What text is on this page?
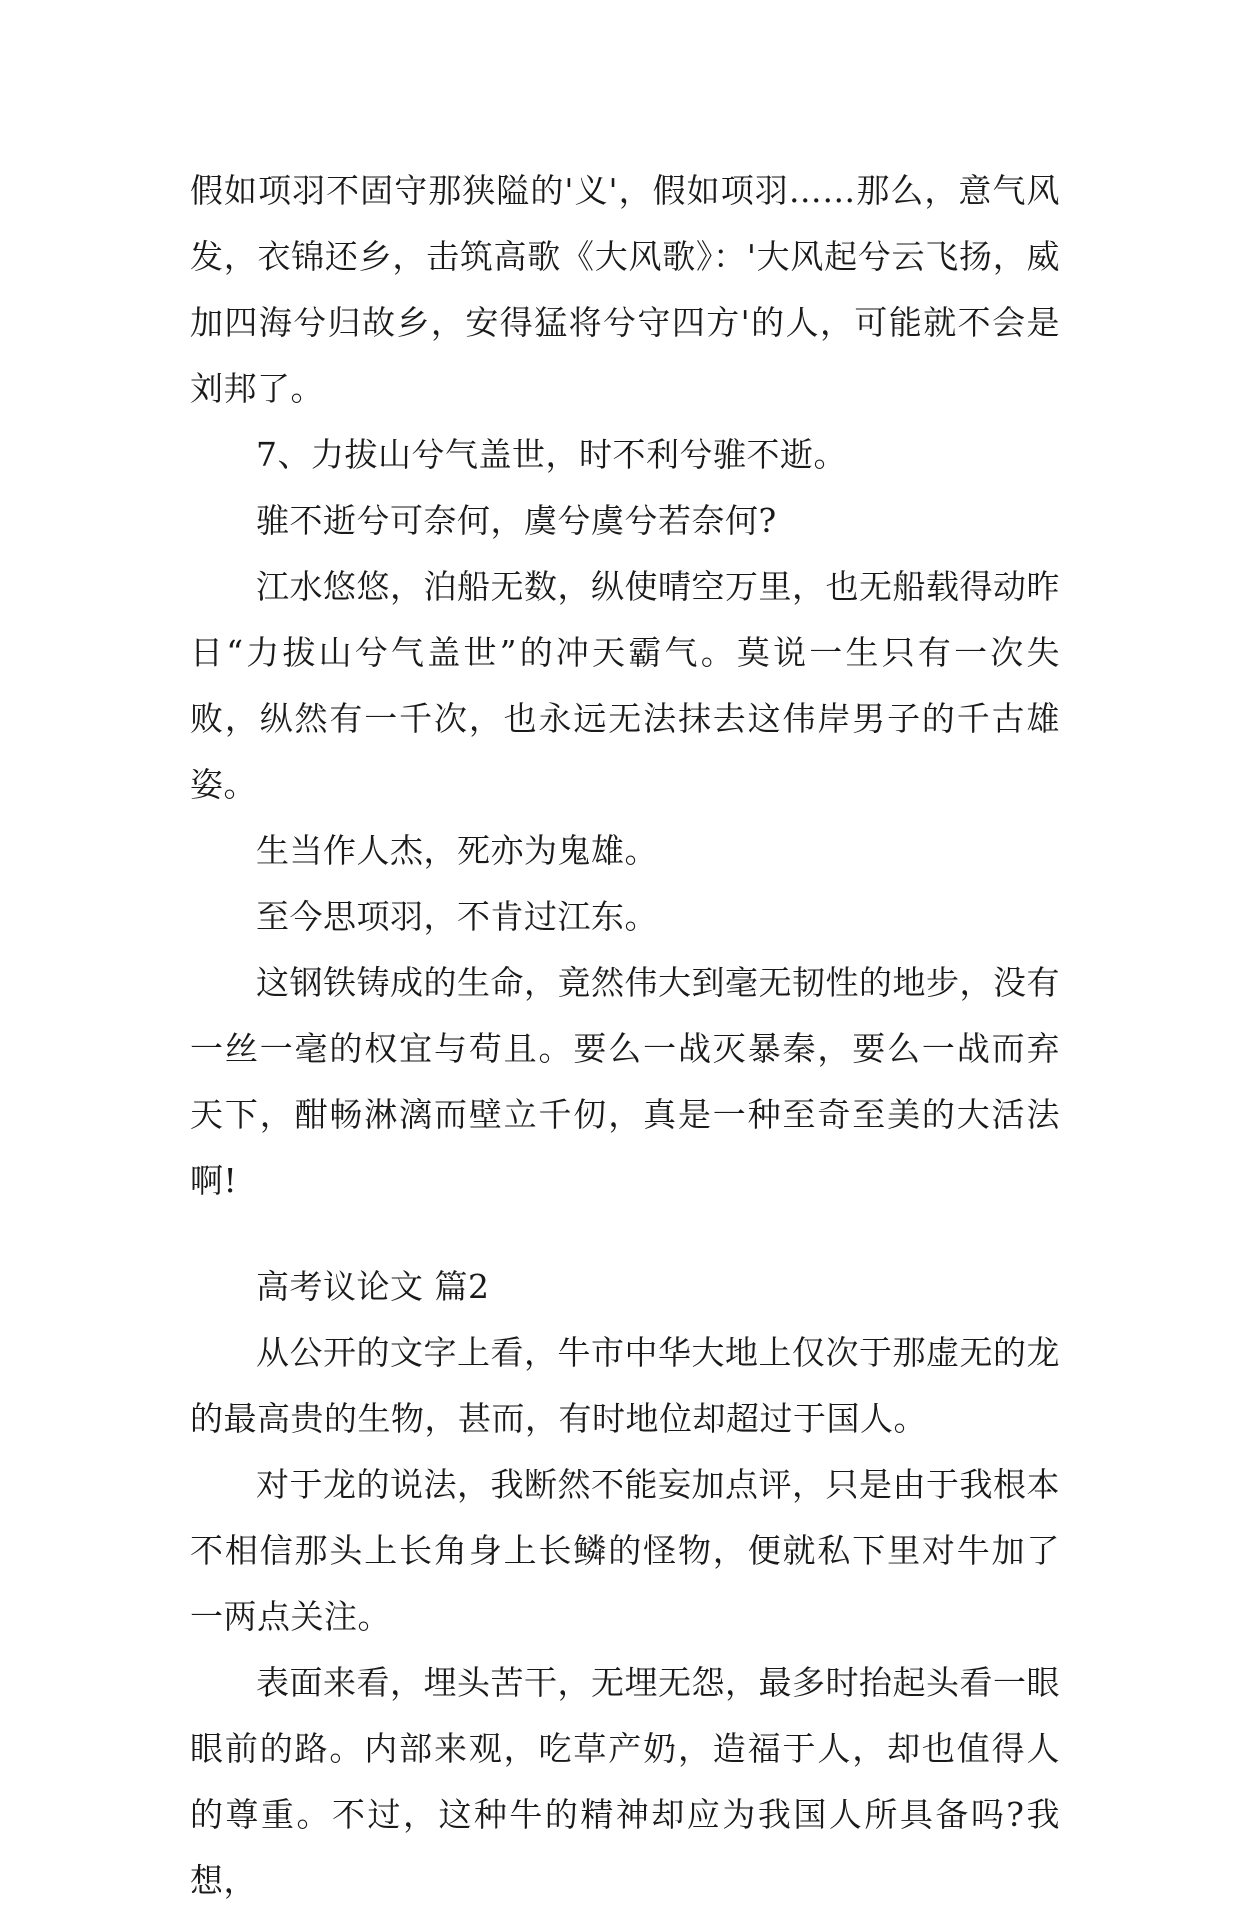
假如项羽不固守那狭隘的'义'，假如项羽……那么，意气风发，衣锦还乡，击筑高歌《大风歌》：'大风起兮云飞扬，威加四海兮归故乡，安得猛将兮守四方'的人，可能就不会是刘邦了。

7、力拔山兮气盖世，时不利兮骓不逝。

骓不逝兮可奈何，虞兮虞兮若奈何?

江水悠悠，泊船无数，纵使晴空万里，也无船载得动昨日“力拔山兮气盖世”的冲天霸气。莫说一生只有一次失败，纵然有一千次，也永远无法抹去这伟岸男子的千古雄姿。

生当作人杰，死亦为鬼雄。

至今思项羽，不肯过江东。

这钢铁铸成的生命，竟然伟大到毫无韧性的地步，没有一丝一毫的权宜与苟且。要么一战灭暴秦，要么一战而弃天下，酣畅淋漓而壁立千仞，真是一种至奇至美的大活法啊!

高考议论文 篇2

从公开的文字上看，牛市中华大地上仅次于那虚无的龙的最高贵的生物，甚而，有时地位却超过于国人。

对于龙的说法，我断然不能妄加点评，只是由于我根本不相信那头上长角身上长鳞的怪物，便就私下里对牛加了一两点关注。

表面来看，埋头苦干，无埋无怨，最多时抬起头看一眼眼前的路。内部来观，吃草产奶，造福于人，却也值得人的尊重。不过，这种牛的精神却应为我国人所具备吗?我想，
